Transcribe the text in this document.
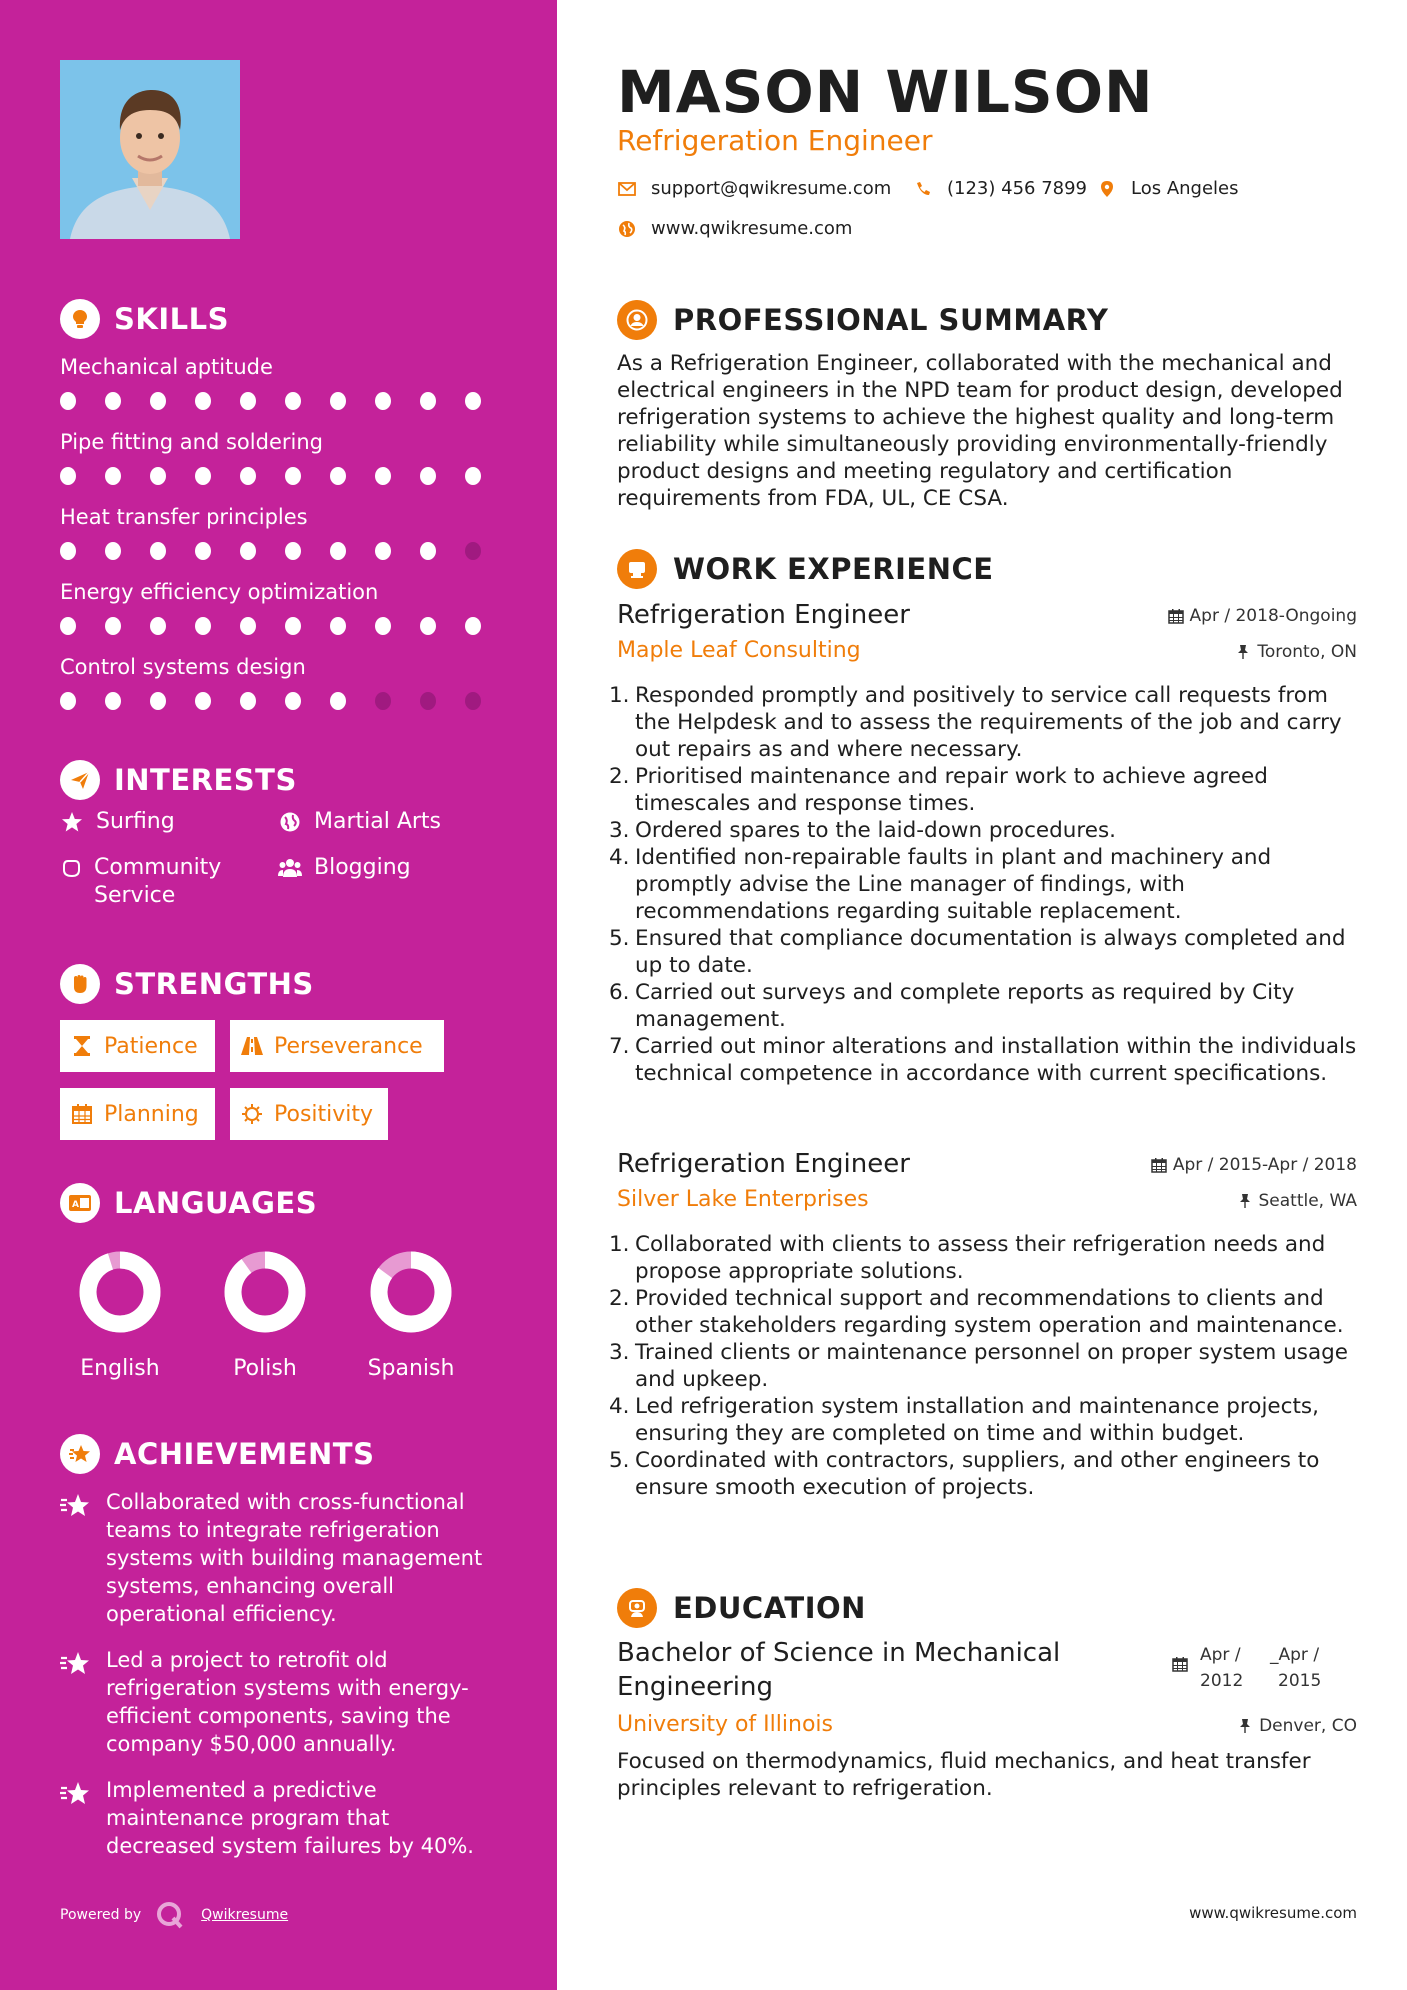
SKILLS
Mechanical aptitude
Pipe fitting and soldering
Heat transfer principles
Energy efficiency optimization
Control systems design
INTERESTS
Surfing	Martial Arts
Community Service
Blogging
STRENGTHS
Patience	Perseverance
Planning	Positivity
A LANGUAGES
English	Polish	Spanish
ACHIEVEMENTS
Collaborated with cross-functional teams to integrate refrigeration systems with building management systems, enhancing overall operational efficiency.
Led a project to retrofit old refrigeration systems with energy-efficient components, saving the company $50,000 annually.
Implemented a predictive maintenance program that decreased system failures by 40%.
Powered by	Qwikresume
MASON WILSON
Refrigeration Engineer
support@qwikresume.com	(123) 456 7899 Los Angeles
www.qwikresume.com
PROFESSIONAL SUMMARY
As a Refrigeration Engineer, collaborated with the mechanical and electrical engineers in the NPD team for product design, developed refrigeration systems to achieve the highest quality and long-term reliability while simultaneously providing environmentally-friendly product designs and meeting regulatory and certification requirements from FDA, UL, CE CSA.
WORK EXPERIENCE
Refrigeration Engineer	Apr / 2018-Ongoing
Maple Leaf Consulting	Toronto, ON
1. Responded promptly and positively to service call requests from the Helpdesk and to assess the requirements of the job and carry out repairs as and where necessary.
2. Prioritised maintenance and repair work to achieve agreed timescales and response times.
3. Ordered spares to the laid-down procedures.
4. Identified non-repairable faults in plant and machinery and promptly advise the Line manager of findings, with recommendations regarding suitable replacement.
5. Ensured that compliance documentation is always completed and up to date.
6. Carried out surveys and complete reports as required by City management.
7. Carried out minor alterations and installation within the individuals technical competence in accordance with current specifications.
Refrigeration Engineer	Apr / 2015-Apr / 2018
Silver Lake Enterprises	Seattle, WA
1. Collaborated with clients to assess their refrigeration needs and propose appropriate solutions.
2. Provided technical support and recommendations to clients and other stakeholders regarding system operation and maintenance.
3. Trained clients or maintenance personnel on proper system usage and upkeep.
4. Led refrigeration system installation and maintenance projects, ensuring they are completed on time and within budget.
5. Coordinated with contractors, suppliers, and other engineers to ensure smooth execution of projects.
EDUCATION
Bachelor of Science in Mechanical Engineering
Apr /
2012
_Apr /
2015
University of Illinois	Denver, CO
Focused on thermodynamics, fluid mechanics, and heat transfer principles relevant to refrigeration.
www.qwikresume.com
